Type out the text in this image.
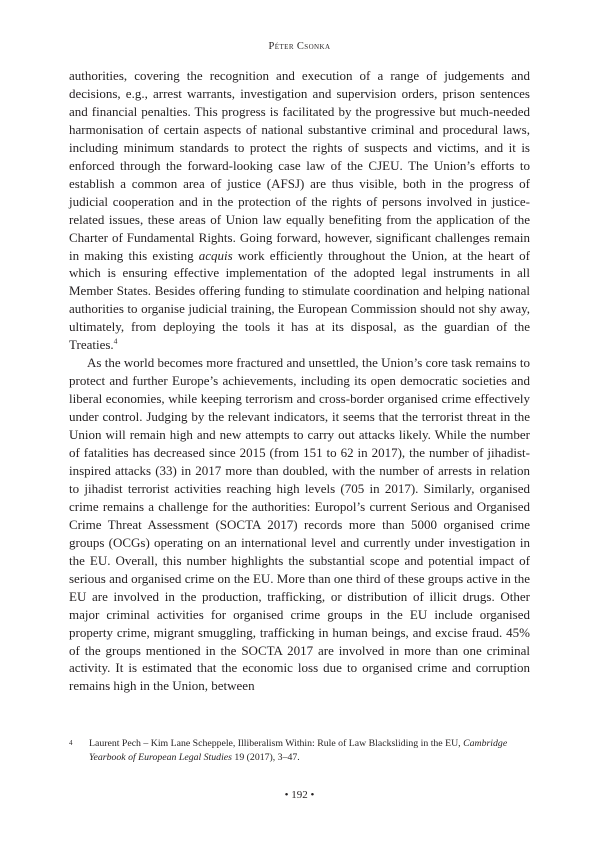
Péter Csonka

authorities, covering the recognition and execution of a range of judgements and decisions, e.g., arrest warrants, investigation and supervision orders, prison sentences and financial penalties. This progress is facilitated by the progressive but much-needed harmonisation of certain aspects of national substantive criminal and procedural laws, including minimum standards to protect the rights of suspects and victims, and it is enforced through the forward-looking case law of the CJEU. The Union’s efforts to establish a common area of justice (AFSJ) are thus visible, both in the progress of judicial cooperation and in the protection of the rights of persons involved in justice-related issues, these areas of Union law equally benefiting from the application of the Charter of Fundamental Rights. Going forward, however, significant challenges remain in making this existing acquis work efficiently throughout the Union, at the heart of which is ensuring effective implementation of the adopted legal instruments in all Member States. Besides offering funding to stimulate coordination and helping national authorities to organise judicial training, the European Commission should not shy away, ultimately, from deploying the tools it has at its disposal, as the guardian of the Treaties.$^4$

As the world becomes more fractured and unsettled, the Union’s core task remains to protect and further Europe’s achievements, including its open democratic societies and liberal economies, while keeping terrorism and cross-border organised crime effectively under control. Judging by the relevant indicators, it seems that the terrorist threat in the Union will remain high and new attempts to carry out attacks likely. While the number of fatalities has decreased since 2015 (from 151 to 62 in 2017), the number of jihadist-inspired attacks (33) in 2017 more than doubled, with the number of arrests in relation to jihadist terrorist activities reaching high levels (705 in 2017). Similarly, organised crime remains a challenge for the authorities: Europol’s current Serious and Organised Crime Threat Assessment (SOCTA 2017) records more than 5000 organised crime groups (OCGs) operating on an international level and currently under investigation in the EU. Overall, this number highlights the substantial scope and potential impact of serious and organised crime on the EU. More than one third of these groups active in the EU are involved in the production, trafficking, or distribution of illicit drugs. Other major criminal activities for organised crime groups in the EU include organised property crime, migrant smuggling, trafficking in human beings, and excise fraud. 45% of the groups mentioned in the SOCTA 2017 are involved in more than one criminal activity. It is estimated that the economic loss due to organised crime and corruption remains high in the Union, between

4 Laurent Pech – Kim Lane Scheppele, Illiberalism Within: Rule of Law Blacksliding in the EU, Cambridge Yearbook of European Legal Studies 19 (2017), 3–47.
• 192 •
